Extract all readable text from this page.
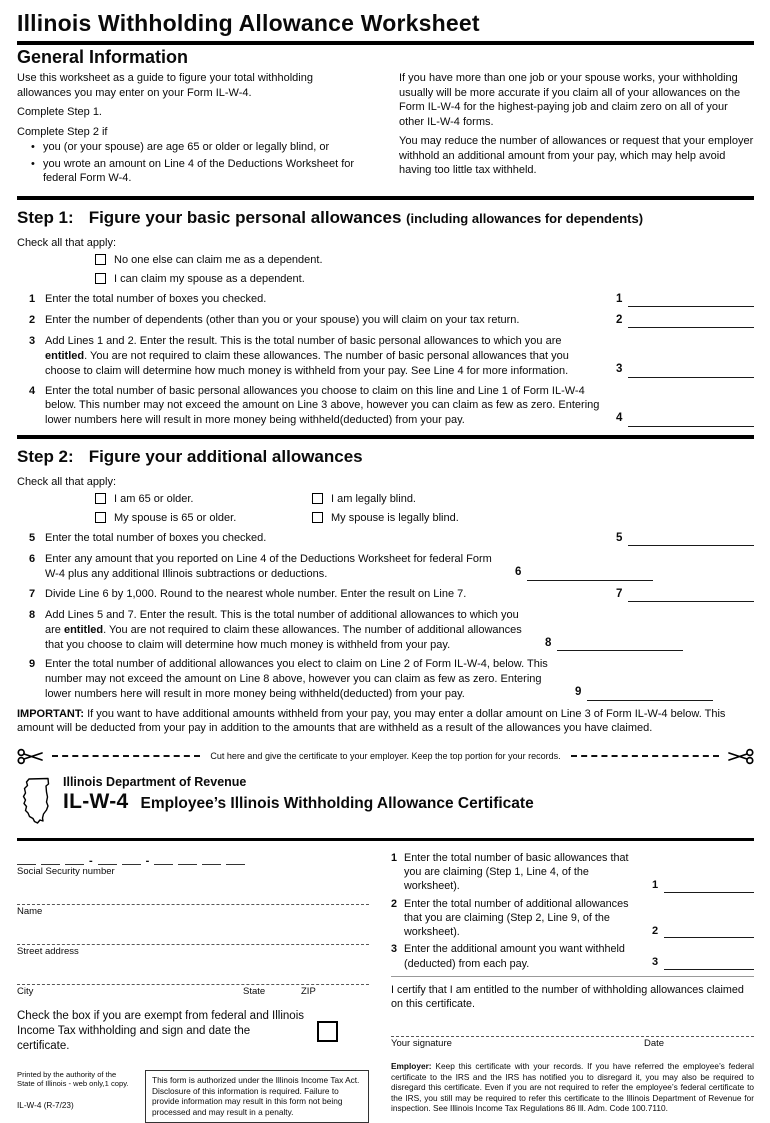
Illinois Withholding Allowance Worksheet
General Information

Use this worksheet as a guide to figure your total withholding allowances you may enter on your Form IL-W-4.

Complete Step 1.

Complete Step 2 if

• you (or your spouse) are age 65 or older or legally blind, or
• you wrote an amount on Line 4 of the Deductions Worksheet for federal Form W-4.

If you have more than one job or your spouse works, your withholding usually will be more accurate if you claim all of your allowances on the Form IL-W-4 for the highest-paying job and claim zero on all of your other IL-W-4 forms.

You may reduce the number of allowances or request that your employer withhold an additional amount from your pay, which may help avoid having too little tax withheld.

Step 1: Figure your basic personal allowances (including allowances for dependents)
Check all that apply:
No one else can claim me as a dependent.
I can claim my spouse as a dependent.
1 Enter the total number of boxes you checked.	1
2 Enter the number of dependents (other than you or your spouse) you will claim on your tax return.	2
3 Add Lines 1 and 2. Enter the result. This is the total number of basic personal allowances to which you are entitled. You are not required to claim these allowances. The number of basic personal allowances that you choose to claim will determine how much money is withheld from your pay. See Line 4 for more information.	3
4 Enter the total number of basic personal allowances you choose to claim on this line and Line 1 of Form IL-W-4 below. This number may not exceed the amount on Line 3 above, however you can claim as few as zero. Entering lower numbers here will result in more money being withheld(deducted) from your pay.	4
Step 2: Figure your additional allowances
Check all that apply:
I am 65 or older.	I am legally blind.
My spouse is 65 or older.	My spouse is legally blind.
5 Enter the total number of boxes you checked.	5
6 Enter any amount that you reported on Line 4 of the Deductions Worksheet for federal Form W-4 plus any additional Illinois subtractions or deductions.	6
7 Divide Line 6 by 1,000. Round to the nearest whole number. Enter the result on Line 7.	7
8 Add Lines 5 and 7. Enter the result. This is the total number of additional allowances to which you are entitled. You are not required to claim these allowances. The number of additional allowances that you choose to claim will determine how much money is withheld from your pay.	8
9 Enter the total number of additional allowances you elect to claim on Line 2 of Form IL-W-4, below. This number may not exceed the amount on Line 8 above, however you can claim as few as zero. Entering lower numbers here will result in more money being withheld(deducted) from your pay.	9

IMPORTANT: If you want to have additional amounts withheld from your pay, you may enter a dollar amount on Line 3 of Form IL-W-4 below. This amount will be deducted from your pay in addition to the amounts that are withheld as a result of the allowances you have claimed.

Cut here and give the certificate to your employer. Keep the top portion for your records.
Illinois Department of Revenue
IL-W-4 Employee’s Illinois Withholding Allowance Certificate
-
-
Social Security number
Name
Street address
City	State	ZIP
Check the box if you are exempt from federal and Illinois Income Tax withholding and sign and date the certificate.
Printed by the authority of the State of Illinois - web only,1 copy.
IL-W-4 (R-7/23)
This form is authorized under the Illinois Income Tax Act. Disclosure of this information is required. Failure to provide information may result in this form not being processed and may result in a penalty.
1 Enter the total number of basic allowances that you are claiming (Step 1, Line 4, of the worksheet).	1
2 Enter the total number of additional allowances that you are claiming (Step 2, Line 9, of the worksheet).	2
3 Enter the additional amount you want withheld (deducted) from each pay.	3

I certify that I am entitled to the number of withholding allowances claimed on this certificate.

Your signature	Date

Employer: Keep this certificate with your records. If you have referred the employee’s federal certificate to the IRS and the IRS has notified you to disregard it, you may also be required to disregard this certificate. Even if you are not required to refer the employee’s federal certificate to the IRS, you still may be required to refer this certificate to the Illinois Department of Revenue for inspection. See Illinois Income Tax Regulations 86 Ill. Adm. Code 100.7110.
